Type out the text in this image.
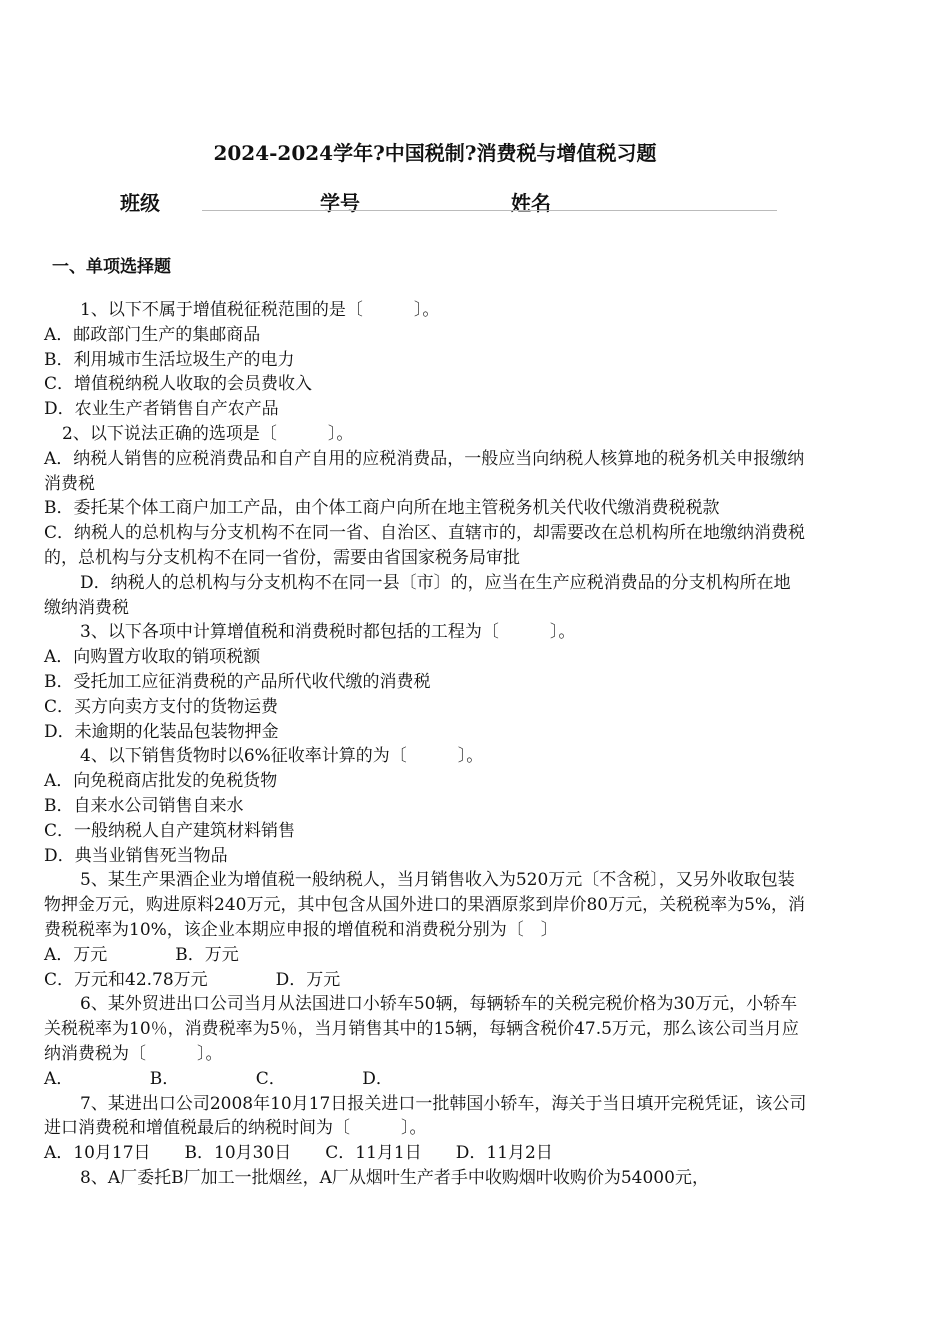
2024-2024学年?中国税制?消费税与增值税习题
班级	学号	姓名
一、单项选择题

1、以下不属于增值税征税范围的是〔　　　〕。

A．邮政部门生产的集邮商品

B．利用城市生活垃圾生产的电力

C．增值税纳税人收取的会员费收入

D．农业生产者销售自产农产品

2、以下说法正确的选项是〔　　　〕。

A．纳税人销售的应税消费品和自产自用的应税消费品，一般应当向纳税人核算地的税务机关申报缴纳消费税

B．委托某个体工商户加工产品，由个体工商户向所在地主管税务机关代收代缴消费税税款

C．纳税人的总机构与分支机构不在同一省、自治区、直辖市的，却需要改在总机构所在地缴纳消费税的，总机构与分支机构不在同一省份，需要由省国家税务局审批

D．纳税人的总机构与分支机构不在同一县〔市〕的，应当在生产应税消费品的分支机构所在地缴纳消费税

3、以下各项中计算增值税和消费税时都包括的工程为〔　　　〕。

A．向购置方收取的销项税额

B．受托加工应征消费税的产品所代收代缴的消费税

C．买方向卖方支付的货物运费

D．未逾期的化装品包装物押金

4、以下销售货物时以6%征收率计算的为〔　　　〕。

A．向免税商店批发的免税货物

B．自来水公司销售自来水

C．一般纳税人自产建筑材料销售

D．典当业销售死当物品

5、某生产果酒企业为增值税一般纳税人，当月销售收入为520万元〔不含税〕，又另外收取包装物押金万元，购进原料240万元，其中包含从国外进口的果酒原浆到岸价80万元，关税税率为5%，消费税税率为10%，该企业本期应申报的增值税和消费税分别为〔　〕

A．万元　　　　B．万元

C．万元和42.78万元　　　　D．万元

6、某外贸进出口公司当月从法国进口小轿车50辆，每辆轿车的关税完税价格为30万元，小轿车关税税率为10％，消费税率为5％，当月销售其中的15辆，每辆含税价47.5万元，那么该公司当月应纳消费税为〔　　　〕。

A．　　　　　B．　　　　　C．　　　　　D．

7、某进出口公司2008年10月17日报关进口一批韩国小轿车，海关于当日填开完税凭证，该公司进口消费税和增值税最后的纳税时间为〔　　　〕。

A．10月17日　　B．10月30日　　C．11月1日　　D．11月2日

8、A厂委托B厂加工一批烟丝，A厂从烟叶生产者手中收购烟叶收购价为54000元，
